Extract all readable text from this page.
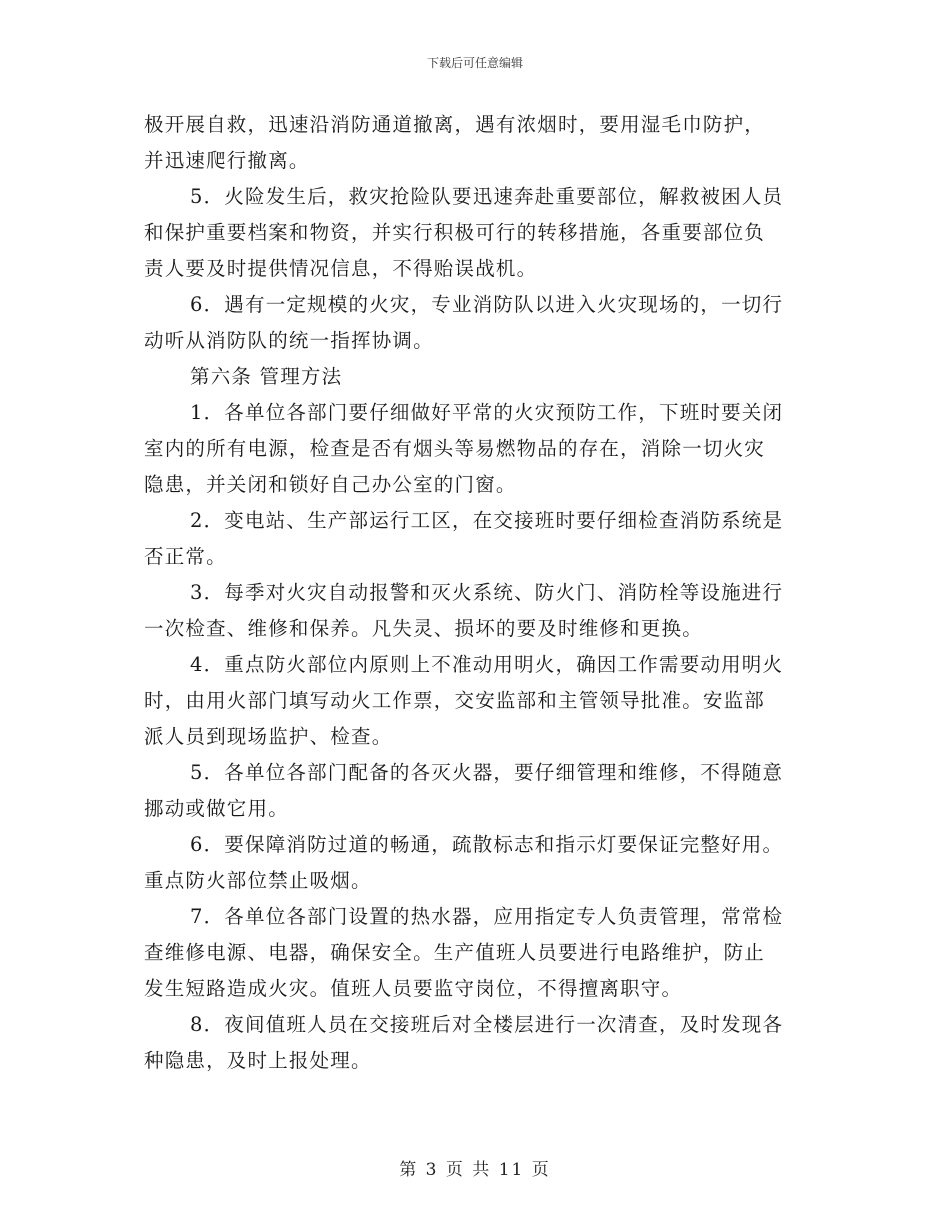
下载后可任意编辑

极开展自救，迅速沿消防通道撤离，遇有浓烟时，要用湿毛巾防护，
并迅速爬行撤离。
5．火险发生后，救灾抢险队要迅速奔赴重要部位，解救被困人员
和保护重要档案和物资，并实行积极可行的转移措施，各重要部位负
责人要及时提供情况信息，不得贻误战机。
6．遇有一定规模的火灾，专业消防队以进入火灾现场的，一切行
动听从消防队的统一指挥协调。
第六条 管理方法
1．各单位各部门要仔细做好平常的火灾预防工作，下班时要关闭
室内的所有电源，检查是否有烟头等易燃物品的存在，消除一切火灾
隐患，并关闭和锁好自己办公室的门窗。
2．变电站、生产部运行工区，在交接班时要仔细检查消防系统是
否正常。
3．每季对火灾自动报警和灭火系统、防火门、消防栓等设施进行
一次检查、维修和保养。凡失灵、损坏的要及时维修和更换。
4．重点防火部位内原则上不准动用明火，确因工作需要动用明火
时，由用火部门填写动火工作票，交安监部和主管领导批准。安监部
派人员到现场监护、检查。
5．各单位各部门配备的各灭火器，要仔细管理和维修，不得随意
挪动或做它用。
6．要保障消防过道的畅通，疏散标志和指示灯要保证完整好用。
重点防火部位禁止吸烟。
7．各单位各部门设置的热水器，应用指定专人负责管理，常常检
查维修电源、电器，确保安全。生产值班人员要进行电路维护，防止
发生短路造成火灾。值班人员要监守岗位，不得擅离职守。
8．夜间值班人员在交接班后对全楼层进行一次清查，及时发现各
种隐患，及时上报处理。

第 3 页 共 11 页
